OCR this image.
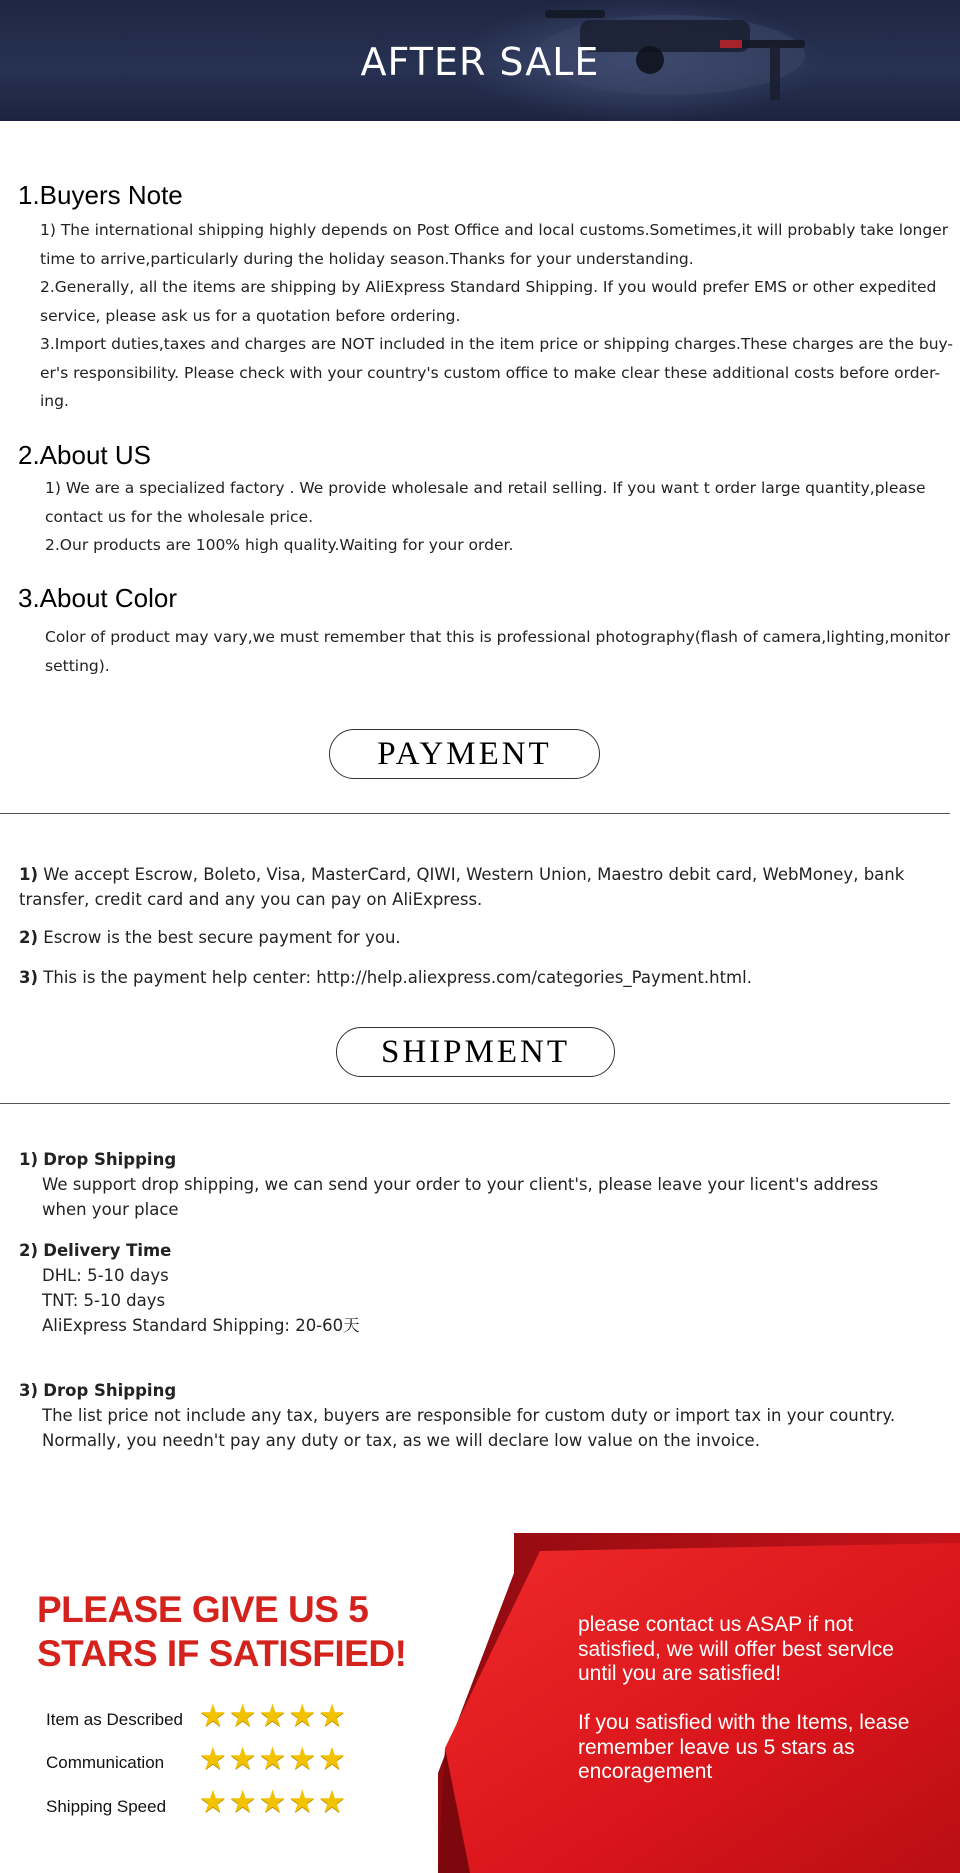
AFTER SALE
1.Buyers Note

1) The international shipping highly depends on Post Office and local customs.Sometimes,it will probably take longer

time to arrive,particularly during the holiday season.Thanks for your understanding.

2.Generally, all the items are shipping by AliExpress Standard Shipping. If you would prefer EMS or other expedited

service, please ask us for a quotation before ordering.

3.Import duties,taxes and charges are NOT included in the item price or shipping charges.These charges are the buy-

er's responsibility. Please check with your country's custom office to make clear these additional costs before order-

ing.

2.About US

1) We are a specialized factory . We provide wholesale and retail selling. If you want t order large quantity,please

contact us for the wholesale price.

2.Our products are 100% high quality.Waiting for your order.

3.About Color

Color of product may vary,we must remember that this is professional photography(flash of camera,lighting,monitor

setting).

PAYMENT
1) We accept Escrow, Boleto, Visa, MasterCard, QIWI, Western Union, Maestro debit card, WebMoney, bank
transfer, credit card and any you can pay on AliExpress.
2) Escrow is the best secure payment for you.
3) This is the payment help center: http://help.aliexpress.com/categories_Payment.html.
SHIPMENT
1) Drop Shipping
We support drop shipping, we can send your order to your client's, please leave your licent's address
when your place
2) Delivery Time
DHL: 5-10 days
TNT: 5-10 days
AliExpress Standard Shipping: 20-60天
3) Drop Shipping
The list price not include any tax, buyers are responsible for custom duty or import tax in your country.
Normally, you needn't pay any duty or tax, as we will declare low value on the invoice.
PLEASE GIVE US 5
STARS IF SATISFIED!
Item as Described ★★★★★
Communication ★★★★★
Shipping Speed ★★★★★
please contact us ASAP if not
satisfied, we will offer best servlce
until you are satisfied!
If you satisfied with the Items, lease
remember leave us 5 stars as
encoragement
